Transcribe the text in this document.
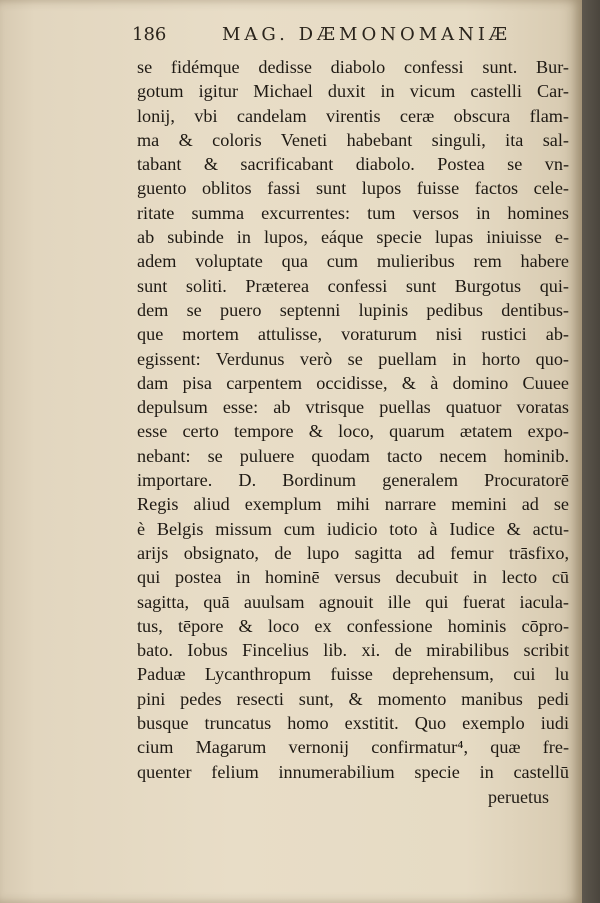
186	MAG. DÆMONOMANIÆ
se fidémque dedisse diabolo confessi sunt. Bur-
gotum igitur Michael duxit in vicum castelli Car-
lonij, vbi candelam virentis ceræ obscura flam-
ma & coloris Veneti habebant singuli, ita sal-
tabant & sacrificabant diabolo. Postea se vn-
guento oblitos fassi sunt lupos fuisse factos cele-
ritate summa excurrentes: tum versos in homines
ab subinde in lupos, eáque specie lupas iniuisse e-
adem voluptate qua cum mulieribus rem habere
sunt soliti. Præterea confessi sunt Burgotus qui-
dem se puero septenni lupinis pedibus dentibus-
que mortem attulisse, voraturum nisi rustici ab-
egissent: Verdunus verò se puellam in horto quo-
dam pisa carpentem occidisse, & à domino Cuuee
depulsum esse: ab vtrisque puellas quatuor voratas
esse certo tempore & loco, quarum ætatem expo-
nebant: se puluere quodam tacto necem hominib.
importare. D. Bordinum generalem Procuratorē
Regis aliud exemplum mihi narrare memini ad se
è Belgis missum cum iudicio toto à Iudice & actu-
arijs obsignato, de lupo sagitta ad femur trāsfixo,
qui postea in hominē versus decubuit in lecto cū
sagitta, quā auulsam agnouit ille qui fuerat iacula-
tus, tēpore & loco ex confessione hominis cōpro-
bato. Iobus Fincelius lib. xi. de mirabilibus scribit
Paduæ Lycanthropum fuisse deprehensum, cui lu
pini pedes resecti sunt, & momento manibus pedi
busque truncatus homo exstitit. Quo exemplo iudi
cium Magarum vernonij confirmatur⁴, quæ fre-
quenter felium innumerabilium specie in castellū
peruetus
